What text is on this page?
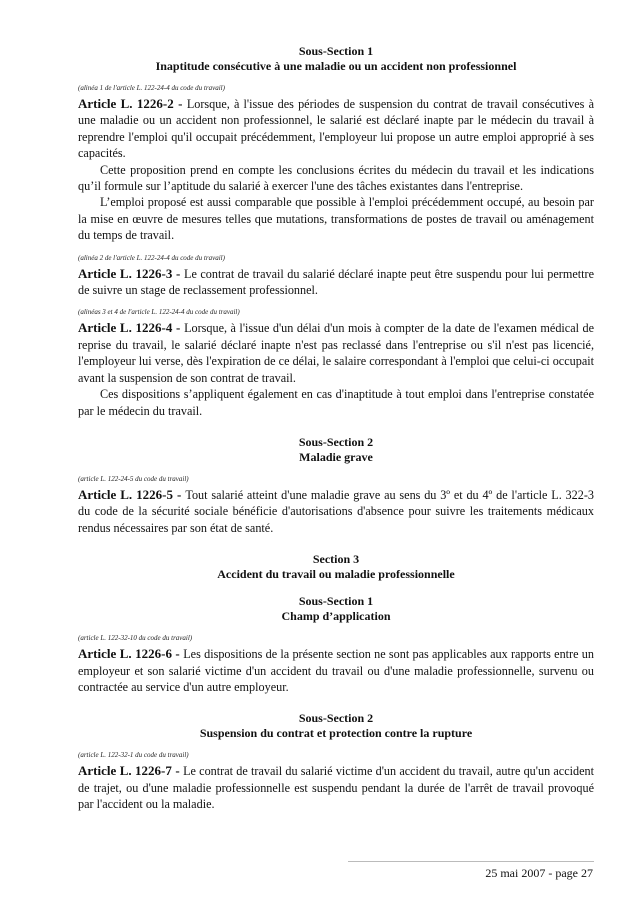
Sous-Section 1
Inaptitude consécutive à une maladie ou un accident non professionnel
(alinéa 1 de l'article L. 122-24-4 du code du travail)

Article L. 1226-2 - Lorsque, à l'issue des périodes de suspension du contrat de travail consécutives à une maladie ou un accident non professionnel, le salarié est déclaré inapte par le médecin du travail à reprendre l'emploi qu'il occupait précédemment, l'employeur lui propose un autre emploi approprié à ses capacités.

Cette proposition prend en compte les conclusions écrites du médecin du travail et les indications qu’il formule sur l’aptitude du salarié à exercer l'une des tâches existantes dans l'entreprise.

L’emploi proposé est aussi comparable que possible à l'emploi précédemment occupé, au besoin par la mise en œuvre de mesures telles que mutations, transformations de postes de travail ou aménagement du temps de travail.

(alinéa 2 de l'article L. 122-24-4 du code du travail)

Article L. 1226-3 - Le contrat de travail du salarié déclaré inapte peut être suspendu pour lui permettre de suivre un stage de reclassement professionnel.

(alinéas 3 et 4 de l'article L. 122-24-4 du code du travail)

Article L. 1226-4 - Lorsque, à l'issue d'un délai d'un mois à compter de la date de l'examen médical de reprise du travail, le salarié déclaré inapte n'est pas reclassé dans l'entreprise ou s'il n'est pas licencié, l'employeur lui verse, dès l'expiration de ce délai, le salaire correspondant à l'emploi que celui-ci occupait avant la suspension de son contrat de travail.

Ces dispositions s’appliquent également en cas d'inaptitude à tout emploi dans l'entreprise constatée par le médecin du travail.

Sous-Section 2
Maladie grave
(article L. 122-24-5 du code du travail)

Article L. 1226-5 - Tout salarié atteint d'une maladie grave au sens du 3º et du 4º de l'article L. 322-3 du code de la sécurité sociale bénéficie d'autorisations d'absence pour suivre les traitements médicaux rendus nécessaires par son état de santé.

Section 3
Accident du travail ou maladie professionnelle
Sous-Section 1
Champ d’application
(article L. 122-32-10 du code du travail)

Article L. 1226-6 - Les dispositions de la présente section ne sont pas applicables aux rapports entre un employeur et son salarié victime d'un accident du travail ou d'une maladie professionnelle, survenu ou contractée au service d'un autre employeur.

Sous-Section 2
Suspension du contrat et protection contre la rupture
(article L. 122-32-1 du code du travail)

Article L. 1226-7 - Le contrat de travail du salarié victime d'un accident du travail, autre qu'un accident de trajet, ou d'une maladie professionnelle est suspendu pendant la durée de l'arrêt de travail provoqué par l'accident ou la maladie.

25 mai 2007 - page 27
